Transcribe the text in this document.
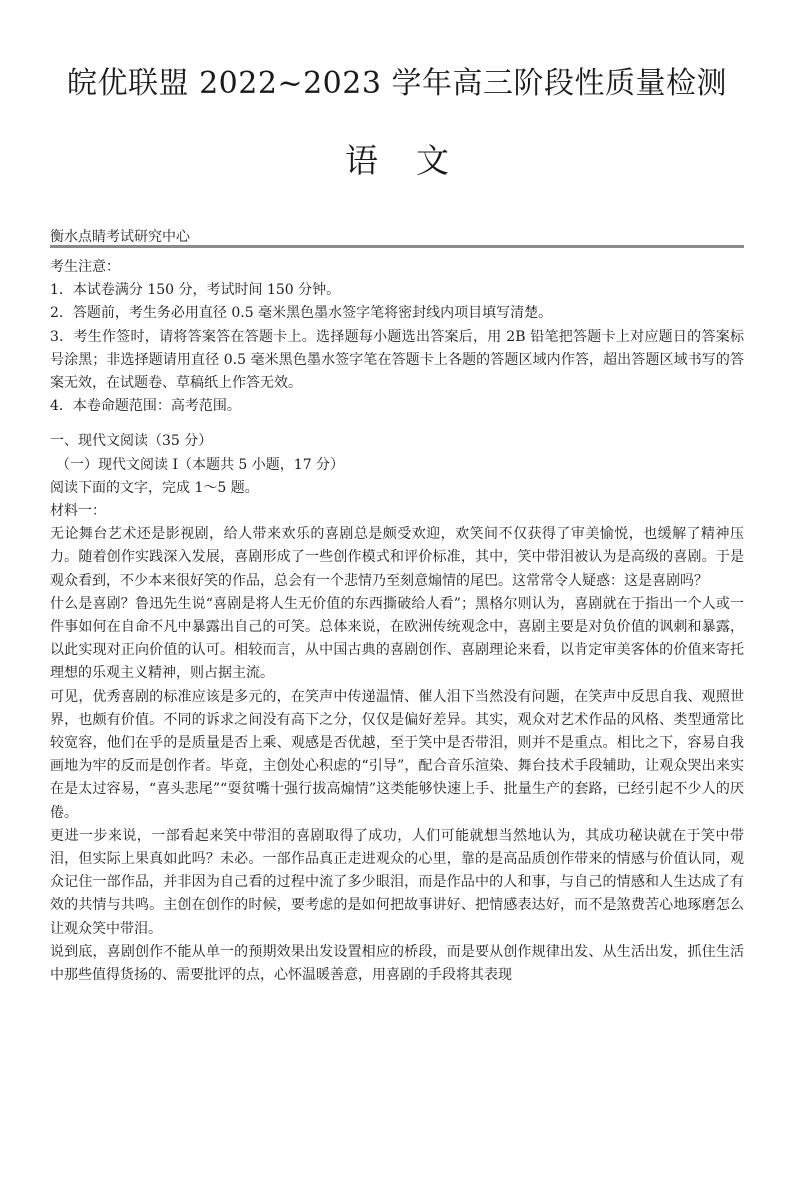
皖优联盟 2022~2023 学年高三阶段性质量检测
语文
衡水点睛考试研究中心
考生注意：
1．本试卷满分 150 分，考试时间 150 分钟。
2．答题前，考生务必用直径 0.5 毫米黑色墨水签字笔将密封线内项目填写清楚。
3．考生作签时，请将答案答在答题卡上。选择题每小题选出答案后，用 2B 铅笔把答题卡上对应题日的答案标号涂黑；非选择题请用直径 0.5 毫米黑色墨水签字笔在答题卡上各题的答题区域内作答，超出答题区域书写的答案无效，在试题卷、草稿纸上作答无效。
4．本卷命题范围：高考范围。
一、现代文阅读（35 分）
（一）现代文阅读 I（本题共 5 小题，17 分）
阅读下面的文字，完成 1～5 题。
材料一：
无论舞台艺术还是影视剧，给人带来欢乐的喜剧总是颇受欢迎，欢笑间不仅获得了审美愉悦，也缓解了精神压力。随着创作实践深入发展，喜剧形成了一些创作模式和评价标准，其中，笑中带泪被认为是高级的喜剧。于是观众看到，不少本来很好笑的作品，总会有一个悲情乃至刻意煽情的尾巴。这常常令人疑惑：这是喜剧吗？
什么是喜剧？鲁迅先生说“喜剧是将人生无价值的东西撕破给人看”；黑格尔则认为，喜剧就在于指出一个人或一件事如何在自命不凡中暴露出自己的可笑。总体来说，在欧洲传统观念中，喜剧主要是对负价值的讽刺和暴露，以此实现对正向价值的认可。相较而言，从中国古典的喜剧创作、喜剧理论来看，以肯定审美客体的价值来寄托理想的乐观主义精神，则占据主流。
可见，优秀喜剧的标准应该是多元的，在笑声中传递温情、催人泪下当然没有问题，在笑声中反思自我、观照世界，也颇有价值。不同的诉求之间没有高下之分，仅仅是偏好差异。其实，观众对艺术作品的风格、类型通常比较宽容，他们在乎的是质量是否上乘、观感是否优越，至于笑中是否带泪，则并不是重点。相比之下，容易自我画地为牢的反而是创作者。毕竟，主创处心积虑的“引导”，配合音乐渲染、舞台技术手段辅助，让观众哭出来实在是太过容易，“喜头悲尾”“耍贫嘴十强行拔高煽情”这类能够快速上手、批量生产的套路，已经引起不少人的厌倦。
更进一步来说，一部看起来笑中带泪的喜剧取得了成功，人们可能就想当然地认为，其成功秘诀就在于笑中带泪，但实际上果真如此吗？未必。一部作品真正走进观众的心里，靠的是高品质创作带来的情感与价值认同，观众记住一部作品，并非因为自己看的过程中流了多少眼泪，而是作品中的人和事，与自己的情感和人生达成了有效的共情与共鸣。主创在创作的时候，要考虑的是如何把故事讲好、把情感表达好，而不是煞费苦心地琢磨怎么让观众笑中带泪。
说到底，喜剧创作不能从单一的预期效果出发设置相应的桥段，而是要从创作规律出发、从生活出发，抓住生活中那些值得货扬的、需要批评的点，心怀温暖善意，用喜剧的手段将其表现
